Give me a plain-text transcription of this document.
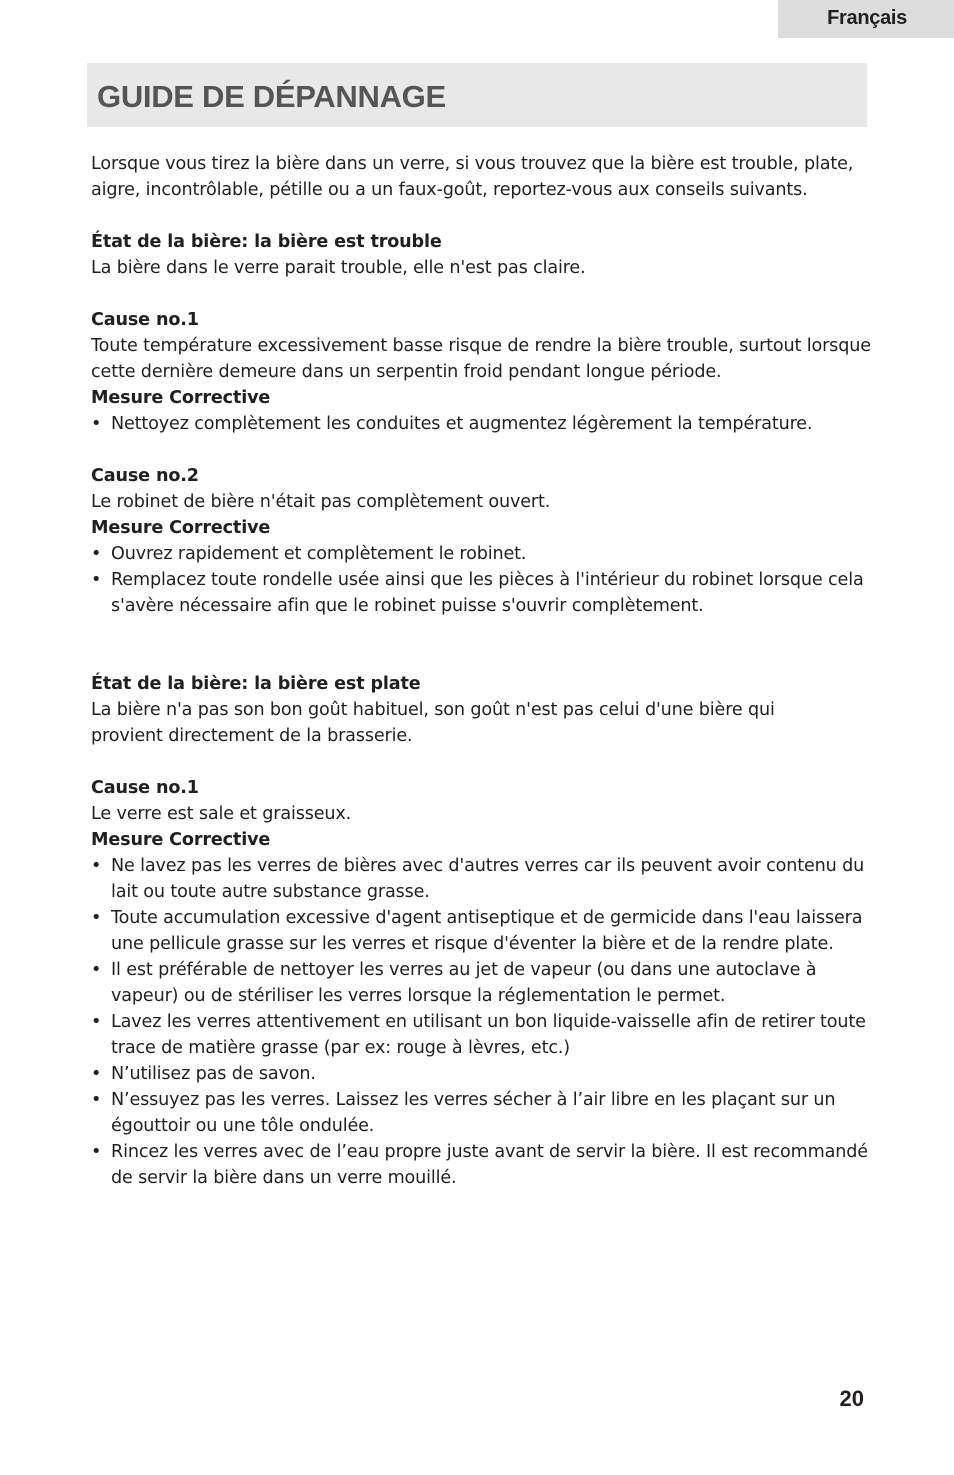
Français
GUIDE DE DÉPANNAGE

Lorsque vous tirez la bière dans un verre, si vous trouvez que la bière est trouble, plate, aigre, incontrôlable, pétille ou a un faux-goût, reportez-vous aux conseils suivants.

État de la bière: la bière est trouble

La bière dans le verre parait trouble, elle n'est pas claire.

Cause no.1

Toute température excessivement basse risque de rendre la bière trouble, surtout lorsque cette dernière demeure dans un serpentin froid pendant longue période.

Mesure Corrective

• Nettoyez complètement les conduites et augmentez légèrement la température.

Cause no.2

Le robinet de bière n'était pas complètement ouvert.

Mesure Corrective

• Ouvrez rapidement et complètement le robinet.
• Remplacez toute rondelle usée ainsi que les pièces à l'intérieur du robinet lorsque cela s'avère nécessaire afin que le robinet puisse s'ouvrir complètement.

État de la bière: la bière est plate

La bière n'a pas son bon goût habituel, son goût n'est pas celui d'une bière qui provient directement de la brasserie.

Cause no.1

Le verre est sale et graisseux.

Mesure Corrective

• Ne lavez pas les verres de bières avec d'autres verres car ils peuvent avoir contenu du lait ou toute autre substance grasse.
• Toute accumulation excessive d'agent antiseptique et de germicide dans l'eau laissera une pellicule grasse sur les verres et risque d'éventer la bière et de la rendre plate.
• Il est préférable de nettoyer les verres au jet de vapeur (ou dans une autoclave à vapeur) ou de stériliser les verres lorsque la réglementation le permet.
• Lavez les verres attentivement en utilisant un bon liquide-vaisselle afin de retirer toute trace de matière grasse (par ex: rouge à lèvres, etc.)
• N’utilisez pas de savon.
• N’essuyez pas les verres. Laissez les verres sécher à l’air libre en les plaçant sur un égouttoir ou une tôle ondulée.
• Rincez les verres avec de l’eau propre juste avant de servir la bière. Il est recommandé de servir la bière dans un verre mouillé.
20
